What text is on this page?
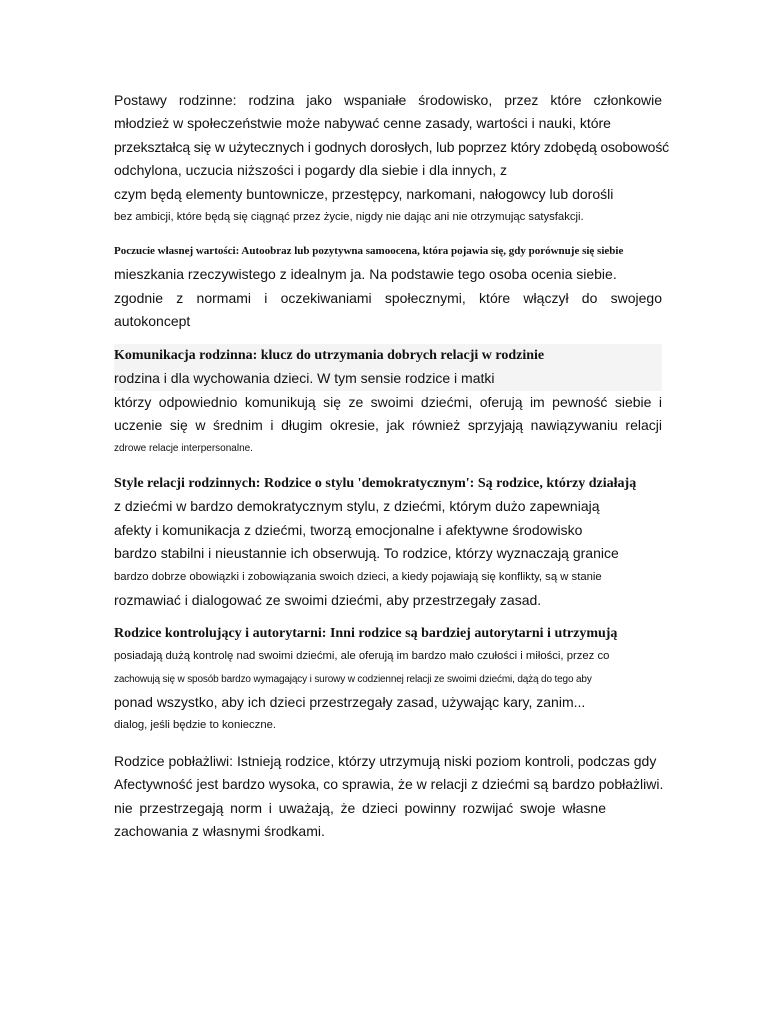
Postawy rodzinne: rodzina jako wspaniałe środowisko, przez które członkowie
młodzież w społeczeństwie może nabywać cenne zasady, wartości i nauki, które
przekształcą się w użytecznych i godnych dorosłych, lub poprzez który zdobędą osobowość
odchylona, uczucia niższości i pogardy dla siebie i dla innych, z
czym będą elementy buntownicze, przestępcy, narkomani, nałogowcy lub dorośli
bez ambicji, które będą się ciągnąć przez życie, nigdy nie dając ani nie otrzymując satysfakcji.
Poczucie własnej wartości: Autoobraz lub pozytywna samoocena, która pojawia się, gdy porównuje się siebie
mieszkania rzeczywistego z idealnym ja. Na podstawie tego osoba ocenia siebie.
zgodnie z normami i oczekiwaniami społecznymi, które włączył do swojego
autokoncept
Komunikacja rodzinna: klucz do utrzymania dobrych relacji w rodzinie
rodzina i dla wychowania dzieci. W tym sensie rodzice i matki
którzy odpowiednio komunikują się ze swoimi dziećmi, oferują im pewność siebie i
uczenie się w średnim i długim okresie, jak również sprzyjają nawiązywaniu relacji
zdrowe relacje interpersonalne.
Style relacji rodzinnych: Rodzice o stylu 'demokratycznym': Są rodzice, którzy działają
z dziećmi w bardzo demokratycznym stylu, z dziećmi, którym dużo zapewniają
afekty i komunikacja z dziećmi, tworzą emocjonalne i afektywne środowisko
bardzo stabilni i nieustannie ich obserwują. To rodzice, którzy wyznaczają granice
bardzo dobrze obowiązki i zobowiązania swoich dzieci, a kiedy pojawiają się konflikty, są w stanie
rozmawiać i dialogować ze swoimi dziećmi, aby przestrzegały zasad.
Rodzice kontrolujący i autorytarni: Inni rodzice są bardziej autorytarni i utrzymują
posiadają dużą kontrolę nad swoimi dziećmi, ale oferują im bardzo mało czułości i miłości, przez co
zachowują się w sposób bardzo wymagający i surowy w codziennej relacji ze swoimi dziećmi, dążą do tego aby
ponad wszystko, aby ich dzieci przestrzegały zasad, używając kary, zanim...
dialog, jeśli będzie to konieczne.
Rodzice pobłażliwi: Istnieją rodzice, którzy utrzymują niski poziom kontroli, podczas gdy
Afectywność jest bardzo wysoka, co sprawia, że w relacji z dziećmi są bardzo pobłażliwi.
nie przestrzegają norm i uważają, że dzieci powinny rozwijać swoje własne
zachowania z własnymi środkami.
